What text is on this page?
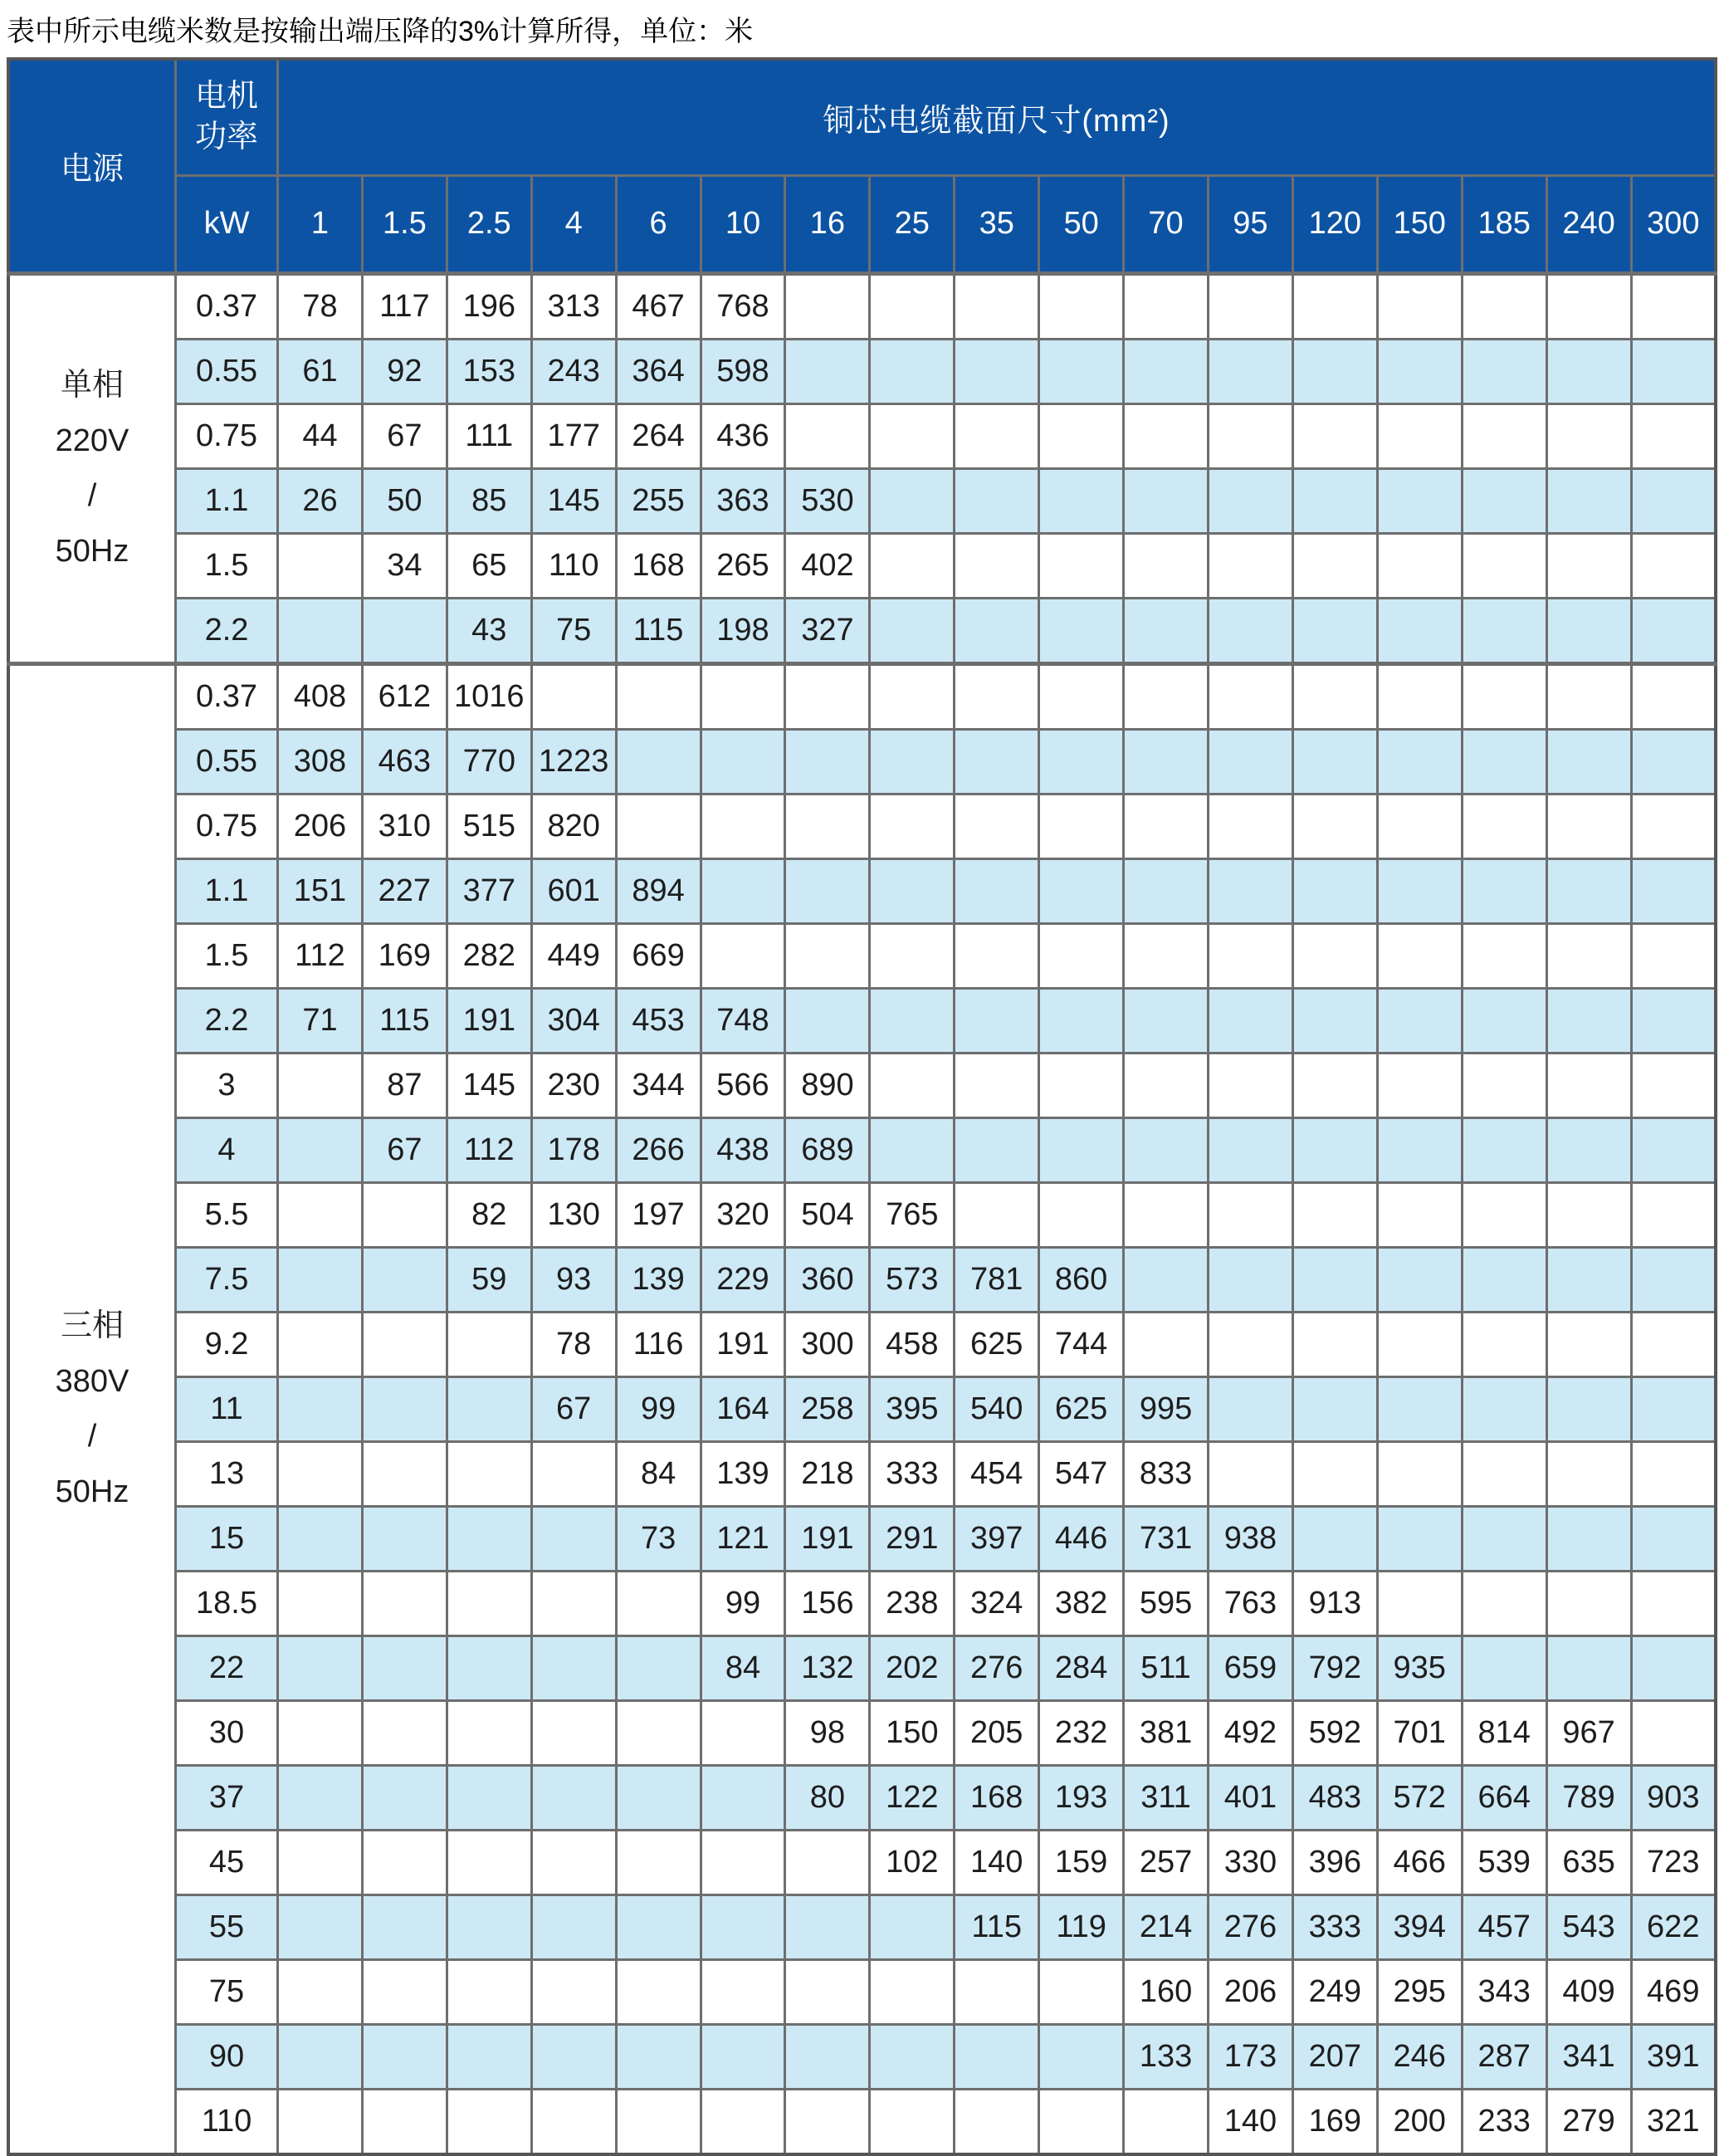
表中所示电缆米数是按输出端压降的3%计算所得，单位：米
电源	电机
功率	铜芯电缆截面尺寸(mm²)																
	kW	1	1.5	2.5	4	6	10	16	25	35	50	70	95	120	150	185	240	300

单相
220V
/
50Hz	0.37	78	117	196	313	467	768											
	0.55	61	92	153	243	364	598											
	0.75	44	67	111	177	264	436											
	1.1	26	50	85	145	255	363	530										
	1.5		34	65	110	168	265	402										
	2.2			43	75	115	198	327										

三相
380V
/
50Hz	0.37	408	612	1016														
	0.55	308	463	770	1223													
	0.75	206	310	515	820													
	1.1	151	227	377	601	894												
	1.5	112	169	282	449	669												
	2.2	71	115	191	304	453	748											
	3		87	145	230	344	566	890										
	4		67	112	178	266	438	689										
	5.5			82	130	197	320	504	765									
	7.5			59	93	139	229	360	573	781	860							
	9.2				78	116	191	300	458	625	744							
	11				67	99	164	258	395	540	625	995						
	13					84	139	218	333	454	547	833						
	15					73	121	191	291	397	446	731	938					
	18.5						99	156	238	324	382	595	763	913				
	22						84	132	202	276	284	511	659	792	935			
	30							98	150	205	232	381	492	592	701	814	967	
	37							80	122	168	193	311	401	483	572	664	789	903
	45								102	140	159	257	330	396	466	539	635	723
	55									115	119	214	276	333	394	457	543	622
	75											160	206	249	295	343	409	469
	90											133	173	207	246	287	341	391
	110												140	169	200	233	279	321
